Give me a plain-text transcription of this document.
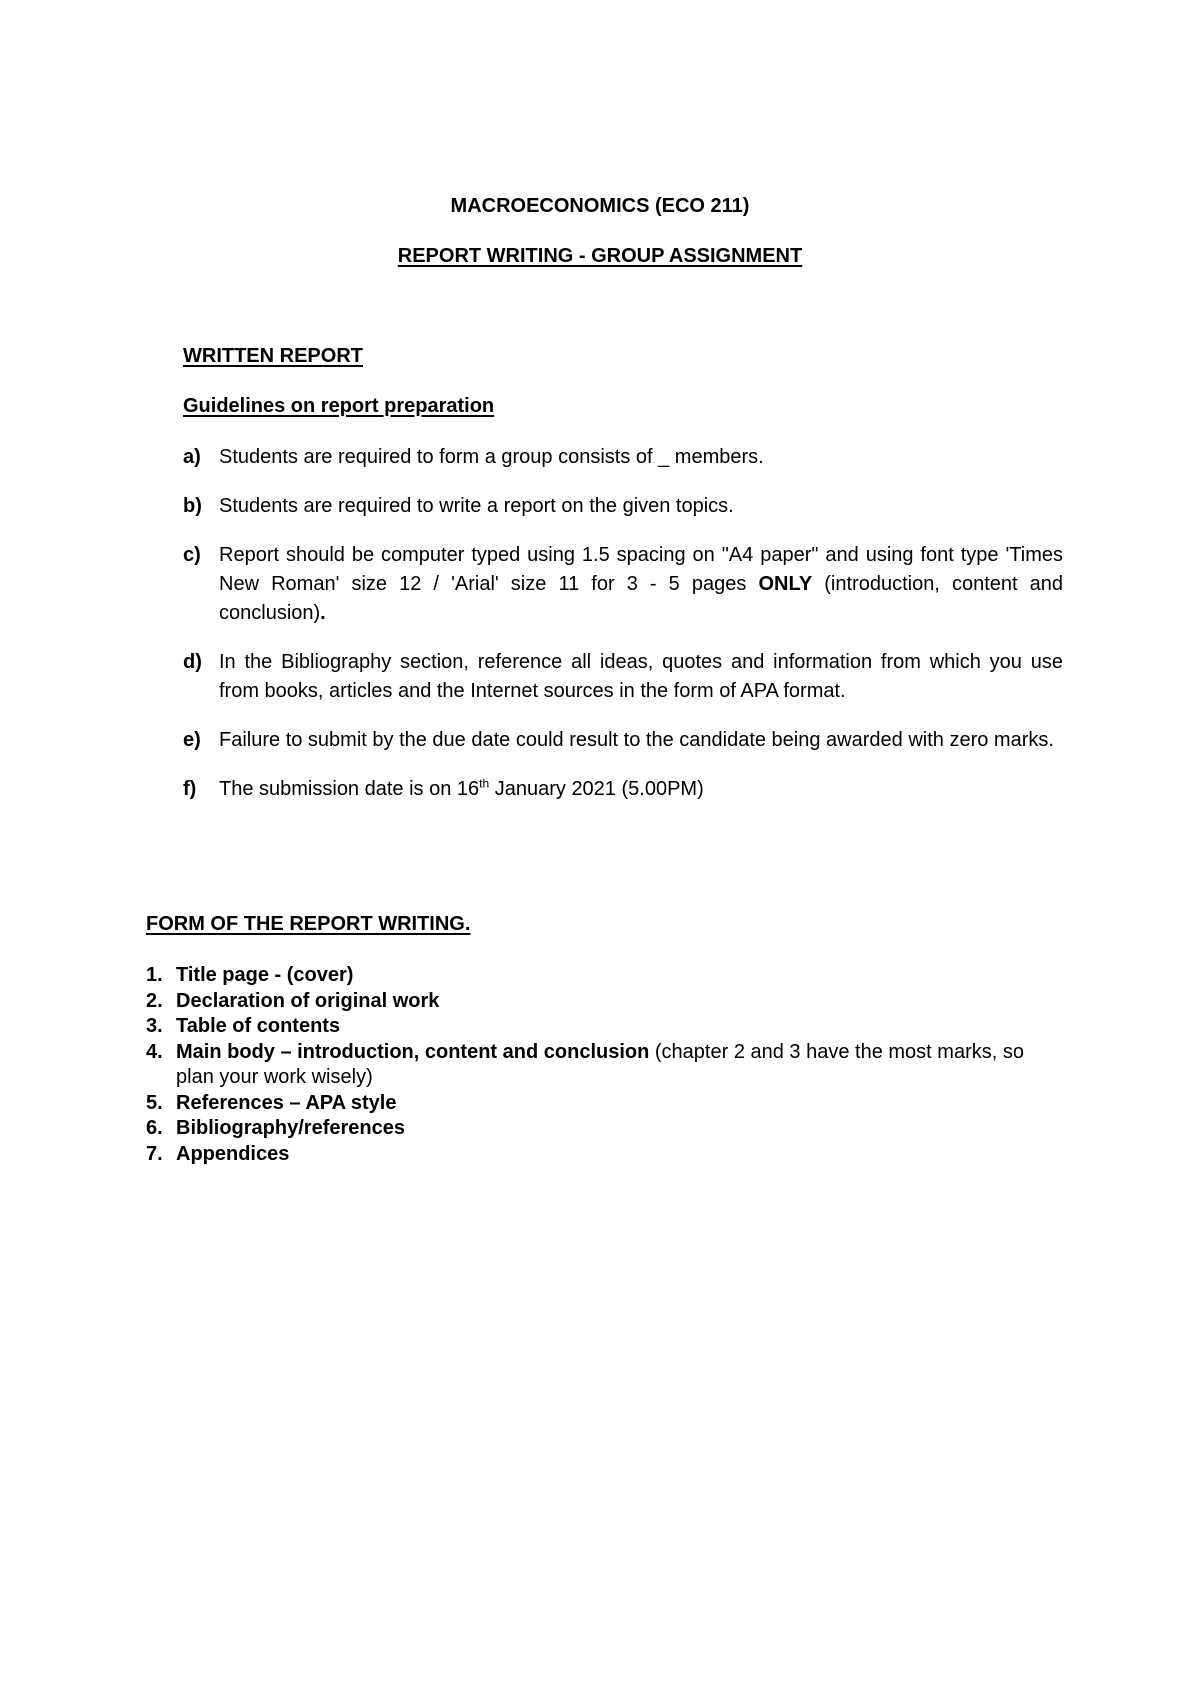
MACROECONOMICS (ECO 211)
REPORT WRITING - GROUP ASSIGNMENT
WRITTEN REPORT
Guidelines on report preparation
a) Students are required to form a group consists of _ members.
b) Students are required to write a report on the given topics.
c) Report should be computer typed using 1.5 spacing on "A4 paper" and using font type 'Times New Roman' size 12 / 'Arial' size 11 for 3 - 5 pages ONLY (introduction, content and conclusion).
d) In the Bibliography section, reference all ideas, quotes and information from which you use from books, articles and the Internet sources in the form of APA format.
e) Failure to submit by the due date could result to the candidate being awarded with zero marks.
f)	The submission date is on 16th January 2021 (5.00PM)
FORM OF THE REPORT WRITING.
1. Title page - (cover)
2. Declaration of original work
3. Table of contents
4. Main body – introduction, content and conclusion (chapter 2 and 3 have the most marks, so plan your work wisely)
5. References – APA style
6. Bibliography/references
7. Appendices
